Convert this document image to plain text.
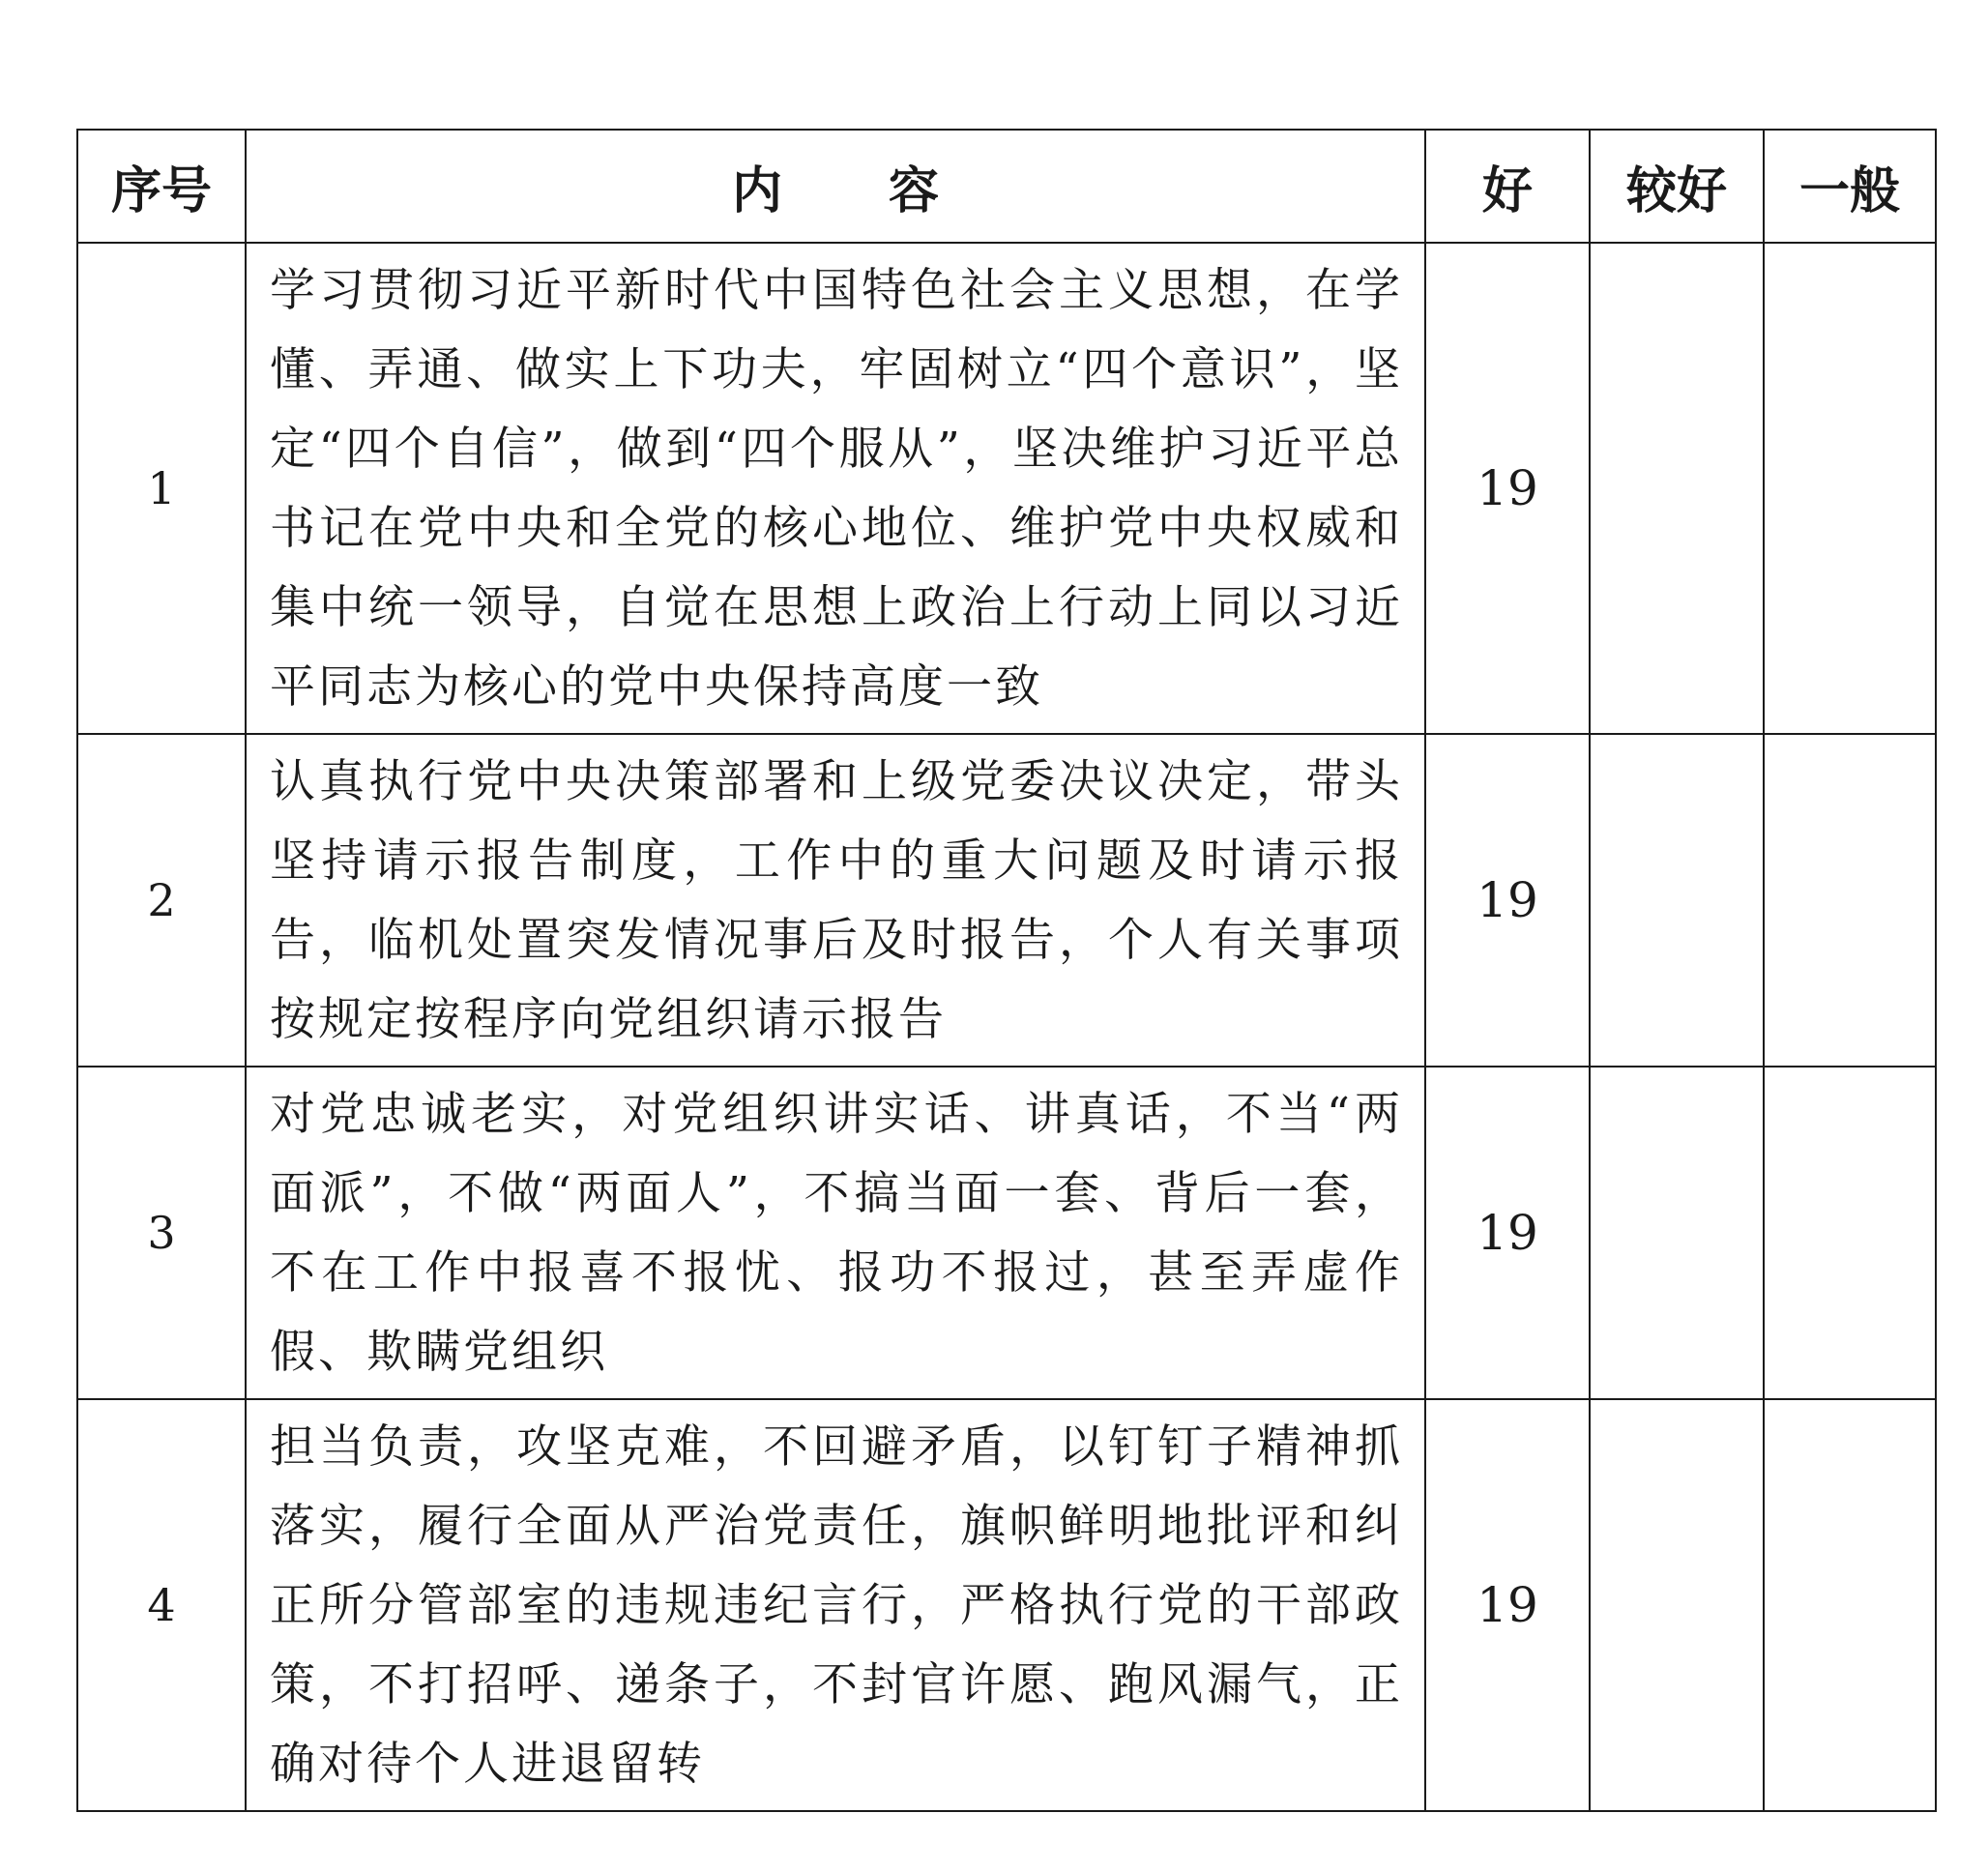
序号	内容	好	较好	一般
1	学习贯彻习近平新时代中国特色社会主义思想，在学懂、弄通、做实上下功夫，牢固树立“四个意识”，坚定“四个自信”，做到“四个服从”，坚决维护习近平总书记在党中央和全党的核心地位、维护党中央权威和集中统一领导，自觉在思想上政治上行动上同以习近平同志为核心的党中央保持高度一致	19		
2	认真执行党中央决策部署和上级党委决议决定，带头坚持请示报告制度，工作中的重大问题及时请示报告，临机处置突发情况事后及时报告，个人有关事项按规定按程序向党组织请示报告	19		
3	对党忠诚老实，对党组织讲实话、讲真话，不当“两面派”，不做“两面人”，不搞当面一套、背后一套，不在工作中报喜不报忧、报功不报过，甚至弄虚作假、欺瞒党组织	19		
4	担当负责，攻坚克难，不回避矛盾，以钉钉子精神抓落实，履行全面从严治党责任，旗帜鲜明地批评和纠正所分管部室的违规违纪言行，严格执行党的干部政策，不打招呼、递条子，不封官许愿、跑风漏气，正确对待个人进退留转	19		
